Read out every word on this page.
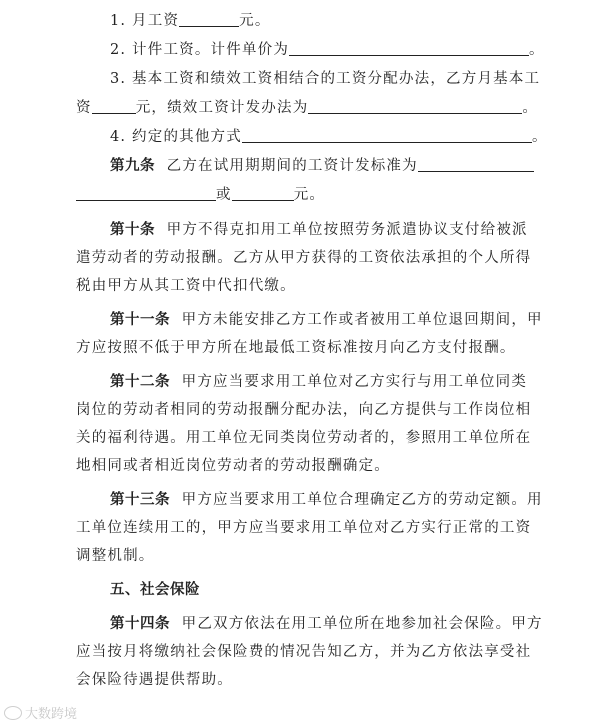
1. 月工资	元。
2. 计件工资。计件单价为	。
3. 基本工资和绩效工资相结合的工资分配办法，乙方月基本工
资	元，绩效工资计发办法为	。
4. 约定的其他方式	。
第九条 乙方在试用期期间的工资计发标准为
或	元。
第十条 甲方不得克扣用工单位按照劳务派遣协议支付给被派
遣劳动者的劳动报酬。乙方从甲方获得的工资依法承担的个人所得
税由甲方从其工资中代扣代缴。
第十一条 甲方未能安排乙方工作或者被用工单位退回期间，甲
方应按照不低于甲方所在地最低工资标准按月向乙方支付报酬。
第十二条 甲方应当要求用工单位对乙方实行与用工单位同类
岗位的劳动者相同的劳动报酬分配办法，向乙方提供与工作岗位相
关的福利待遇。用工单位无同类岗位劳动者的，参照用工单位所在
地相同或者相近岗位劳动者的劳动报酬确定。
第十三条 甲方应当要求用工单位合理确定乙方的劳动定额。用
工单位连续用工的，甲方应当要求用工单位对乙方实行正常的工资
调整机制。
五、社会保险
第十四条 甲乙双方依法在用工单位所在地参加社会保险。甲方
应当按月将缴纳社会保险费的情况告知乙方，并为乙方依法享受社
会保险待遇提供帮助。
大数跨境
